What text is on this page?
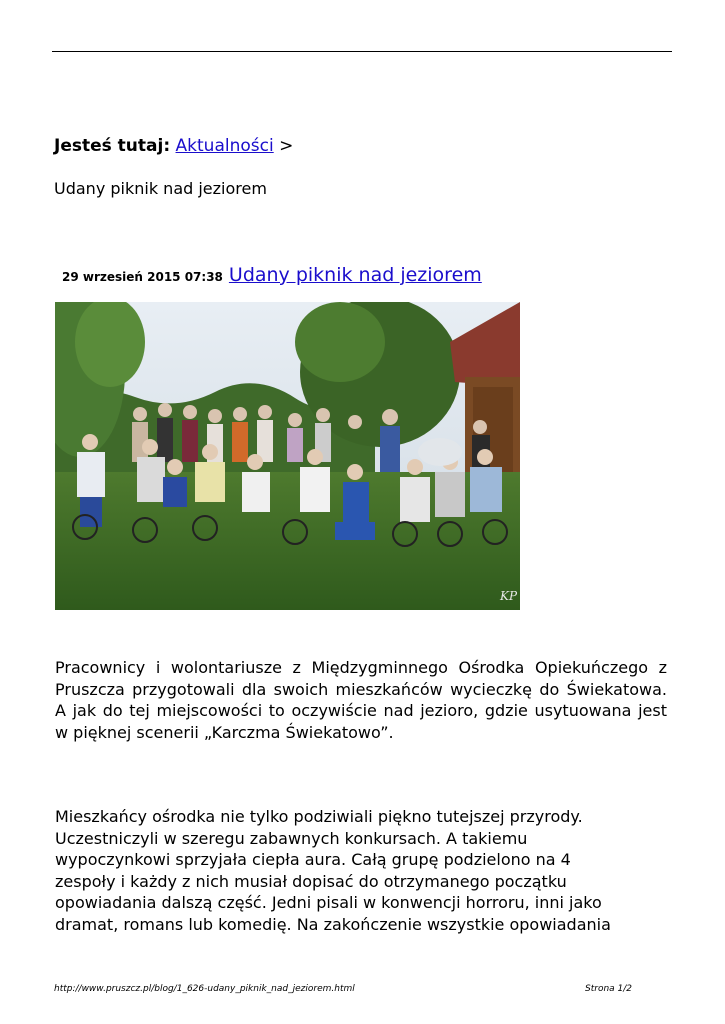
Jesteś tutaj: Aktualności >
Udany piknik nad jeziorem
29 wrzesień 2015 07:38 Udany piknik nad jeziorem
KP
Pracownicy i wolontariusze z Międzygminnego Ośrodka Opiekuńczego z Pruszcza przygotowali dla swoich mieszkańców wycieczkę do Świekatowa. A jak do tej miejscowości to oczywiście nad jezioro, gdzie usytuowana jest w pięknej scenerii „Karczma Świekatowo”.
Mieszkańcy ośrodka nie tylko podziwiali piękno tutejszej przyrody.
Uczestniczyli w szeregu zabawnych konkursach. A takiemu
wypoczynkowi sprzyjała ciepła aura. Całą grupę podzielono na 4
zespoły i każdy z nich musiał dopisać do otrzymanego początku
opowiadania dalszą część. Jedni pisali w konwencji horroru, inni jako
dramat, romans lub komedię. Na zakończenie wszystkie opowiadania
http://www.pruszcz.pl/blog/1_626-udany_piknik_nad_jeziorem.html	Strona 1/2
